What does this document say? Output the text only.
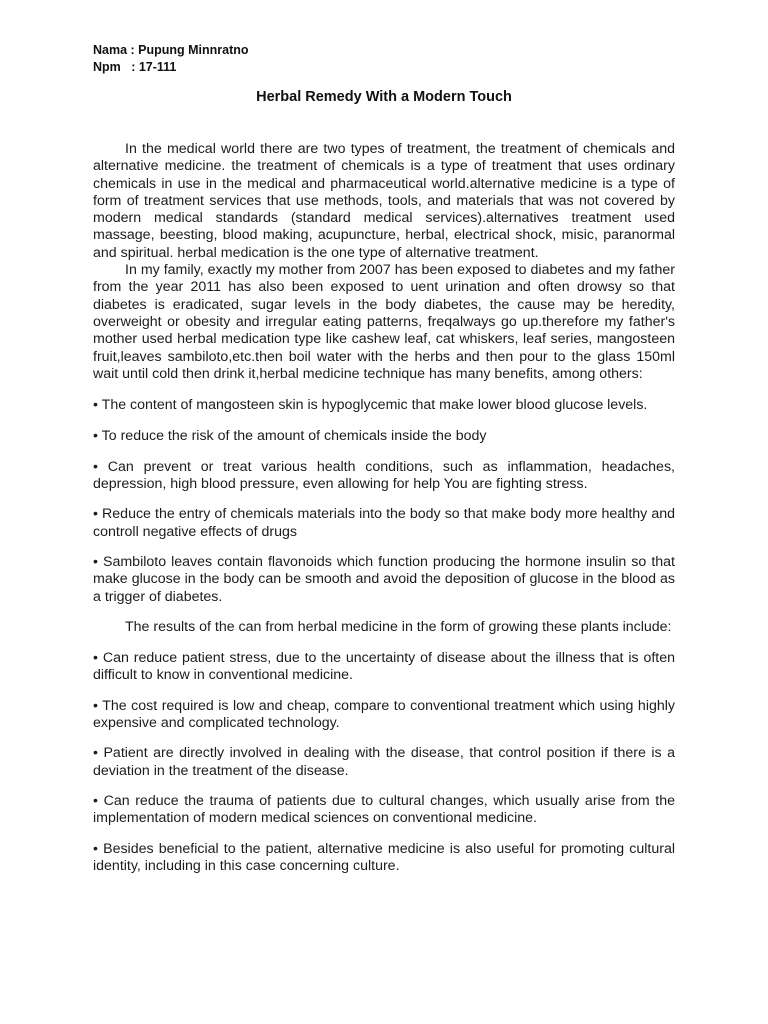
Nama : Pupung Minnratno
Npm   : 17-111
Herbal Remedy With a Modern Touch

In the medical world there are two types of treatment, the treatment of chemicals and alternative medicine. the treatment of chemicals is a type of treatment that uses ordinary chemicals in use in the medical and pharmaceutical world.alternative medicine is a type of form of treatment services that use methods, tools, and materials that was not covered by modern medical standards (standard medical services).alternatives treatment used massage, beesting, blood making, acupuncture, herbal, electrical shock, misic, paranormal and spiritual. herbal medication is the one type of alternative treatment.

In my family, exactly my mother from 2007 has been exposed to diabetes and my father from the year 2011 has also been exposed to uent urination and often drowsy so that diabetes is eradicated, sugar levels in the body diabetes, the cause may be heredity, overweight or obesity and irregular eating patterns, freqalways go up.therefore my father's mother used herbal medication type like cashew leaf, cat whiskers, leaf series, mangosteen fruit,leaves sambiloto,etc.then boil water with the herbs and then pour to the glass 150ml wait until cold then drink it,herbal medicine technique has many benefits, among others:

• The content of mangosteen skin is hypoglycemic that make lower blood glucose levels.

• To reduce the risk of the amount of chemicals inside the body

• Can prevent or treat various health conditions, such as inflammation, headaches, depression, high blood pressure, even allowing for help You are fighting stress.

• Reduce the entry of chemicals materials into the body so that make body more healthy and controll negative effects of drugs

• Sambiloto leaves contain flavonoids which function producing the hormone insulin so that make glucose in the body can be smooth and avoid the deposition of glucose in the blood as a trigger of diabetes.

The results of the can from herbal medicine in the form of growing these plants include:

• Can reduce patient stress, due to the uncertainty of disease about the illness that is often difficult to know in conventional medicine.

• The cost required is low and cheap, compare to conventional treatment which using highly expensive and complicated technology.

• Patient are directly involved in dealing with the disease, that control position if there is a deviation in the treatment of the disease.

• Can reduce the trauma of patients due to cultural changes, which usually arise from the implementation of modern medical sciences on conventional medicine.

• Besides beneficial to the patient, alternative medicine is also useful for promoting cultural identity, including in this case concerning culture.
